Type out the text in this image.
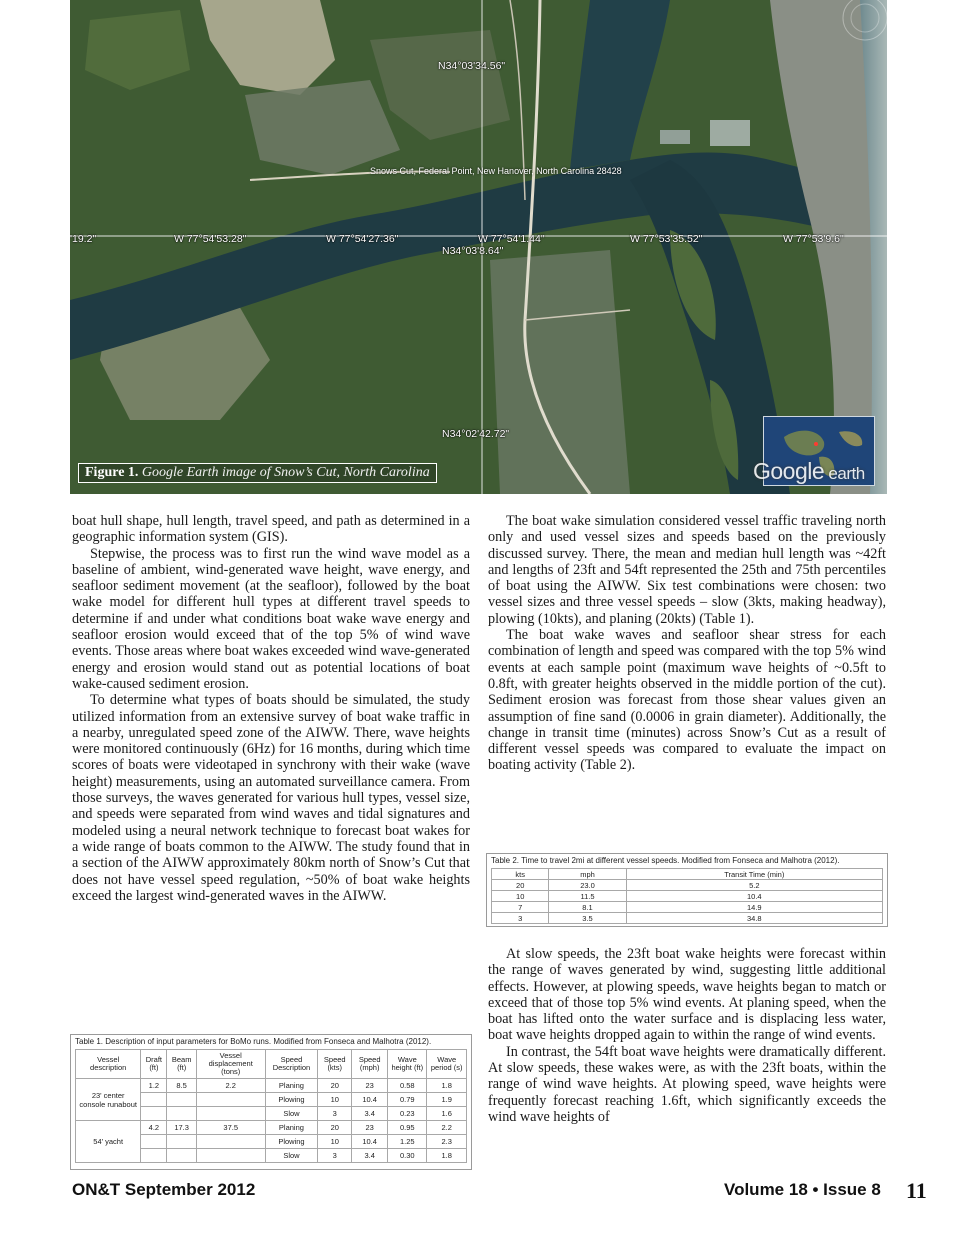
N34°03'34.56"
'19.2"	W 77°54'53.28"	W 77°54'27.36"	W 77°54'1.44"
N34°03'8.64"
W 77°53'35.52"	W 77°53'9.6"
N34°02'42.72"
Snows Cut, Federal Point, New Hanover, North Carolina 28428
Google earth
Figure 1. Google Earth image of Snow’s Cut, North Carolina

boat hull shape, hull length, travel speed, and path as determined in a geographic information system (GIS).

Stepwise, the process was to first run the wind wave model as a baseline of ambient, wind-generated wave height, wave energy, and seafloor sediment movement (at the seafloor), followed by the boat wake model for different hull types at different travel speeds to determine if and under what conditions boat wake wave energy and seafloor erosion would exceed that of the top 5% of wind wave events. Those areas where boat wakes exceeded wind wave-generated energy and erosion would stand out as potential locations of boat wake-caused sediment erosion.

To determine what types of boats should be simulated, the study utilized information from an extensive survey of boat wake traffic in a nearby, unregulated speed zone of the AIWW. There, wave heights were monitored continuously (6Hz) for 16 months, during which time scores of boats were videotaped in synchrony with their wake (wave height) measurements, using an automated surveillance camera. From those surveys, the waves generated for various hull types, vessel size, and speeds were separated from wind waves and tidal signatures and modeled using a neural network technique to forecast boat wakes for a wide range of boats common to the AIWW. The study found that in a section of the AIWW approximately 80km north of Snow’s Cut that does not have vessel speed regulation, ~50% of boat wake heights exceed the largest wind-generated waves in the AIWW.

Table 1. Description of input parameters for BoMo runs. Modified from Fonseca and Malhotra (2012).
Vessel description	Draft (ft)	Beam (ft)	Vessel displacement (tons)	Speed Description	Speed (kts)	Speed (mph)	Wave height (ft)	Wave period (s)
23' center console runabout	1.2	8.5	2.2	Planing	20	23	0.58	1.8
				Plowing	10	10.4	0.79	1.9
				Slow	3	3.4	0.23	1.6
54' yacht	4.2	17.3	37.5	Planing	20	23	0.95	2.2
				Plowing	10	10.4	1.25	2.3
				Slow	3	3.4	0.30	1.8

The boat wake simulation considered vessel traffic traveling north only and used vessel sizes and speeds based on the previously discussed survey. There, the mean and median hull length was ~42ft and lengths of 23ft and 54ft represented the 25th and 75th percentiles of boat using the AIWW. Six test combinations were chosen: two vessel sizes and three vessel speeds – slow (3kts, making headway), plowing (10kts), and planing (20kts) (Table 1).

The boat wake waves and seafloor shear stress for each combination of length and speed was compared with the top 5% wind events at each sample point (maximum wave heights of ~0.5ft to 0.8ft, with greater heights observed in the middle portion of the cut). Sediment erosion was forecast from those shear values given an assumption of fine sand (0.0006 in grain diameter). Additionally, the change in transit time (minutes) across Snow’s Cut as a result of different vessel speeds was compared to evaluate the impact on boating activity (Table 2).

Table 2. Time to travel 2mi at different vessel speeds. Modified from Fonseca and Malhotra (2012).
kts	mph	Transit Time (min)
20	23.0	5.2
10	11.5	10.4
7	8.1	14.9
3	3.5	34.8

At slow speeds, the 23ft boat wake heights were forecast within the range of waves generated by wind, suggesting little additional effects. However, at plowing speeds, wave heights began to match or exceed that of those top 5% wind events. At planing speed, when the boat has lifted onto the water surface and is displacing less water, boat wave heights dropped again to within the range of wind events.

In contrast, the 54ft boat wave heights were dramatically different. At slow speeds, these wakes were, as with the 23ft boats, within the range of wind wave heights. At plowing speed, wave heights were frequently forecast reaching 1.6ft, which significantly exceeds the wind wave heights of

ON&T September 2012	Volume 18 • Issue 8 11
